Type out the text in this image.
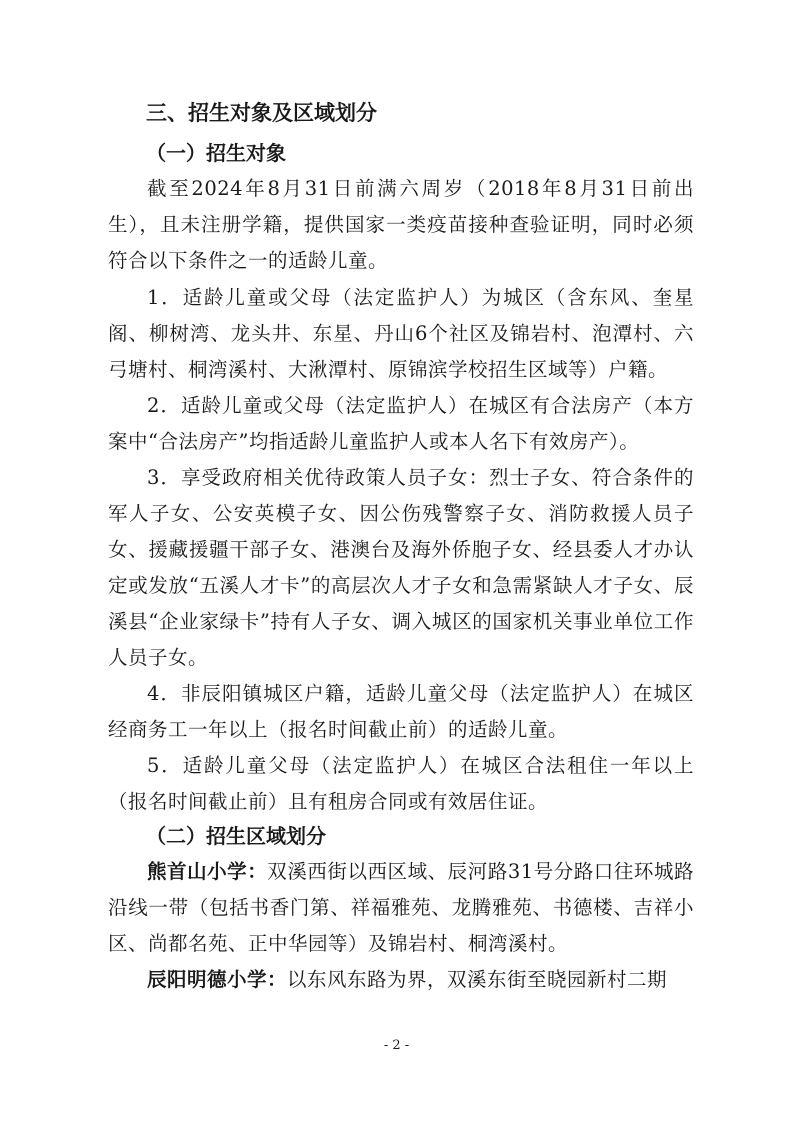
三、招生对象及区域划分
（一）招生对象

截至2024年8月31日前满六周岁（2018年8月31日前出生），且未注册学籍，提供国家一类疫苗接种查验证明，同时必须符合以下条件之一的适龄儿童。

1．适龄儿童或父母（法定监护人）为城区（含东风、奎星阁、柳树湾、龙头井、东星、丹山6个社区及锦岩村、泡潭村、六弓塘村、桐湾溪村、大湫潭村、原锦滨学校招生区域等）户籍。

2．适龄儿童或父母（法定监护人）在城区有合法房产（本方案中“合法房产”均指适龄儿童监护人或本人名下有效房产）。

3．享受政府相关优待政策人员子女：烈士子女、符合条件的军人子女、公安英模子女、因公伤残警察子女、消防救援人员子女、援藏援疆干部子女、港澳台及海外侨胞子女、经县委人才办认定或发放“五溪人才卡”的高层次人才子女和急需紧缺人才子女、辰溪县“企业家绿卡”持有人子女、调入城区的国家机关事业单位工作人员子女。

4．非辰阳镇城区户籍，适龄儿童父母（法定监护人）在城区经商务工一年以上（报名时间截止前）的适龄儿童。

5．适龄儿童父母（法定监护人）在城区合法租住一年以上（报名时间截止前）且有租房合同或有效居住证。

（二）招生区域划分

熊首山小学：双溪西街以西区域、辰河路31号分路口往环城路沿线一带（包括书香门第、祥福雅苑、龙腾雅苑、书德楼、吉祥小区、尚都名苑、正中华园等）及锦岩村、桐湾溪村。

辰阳明德小学：以东风东路为界，双溪东街至晓园新村二期

- 2 -
